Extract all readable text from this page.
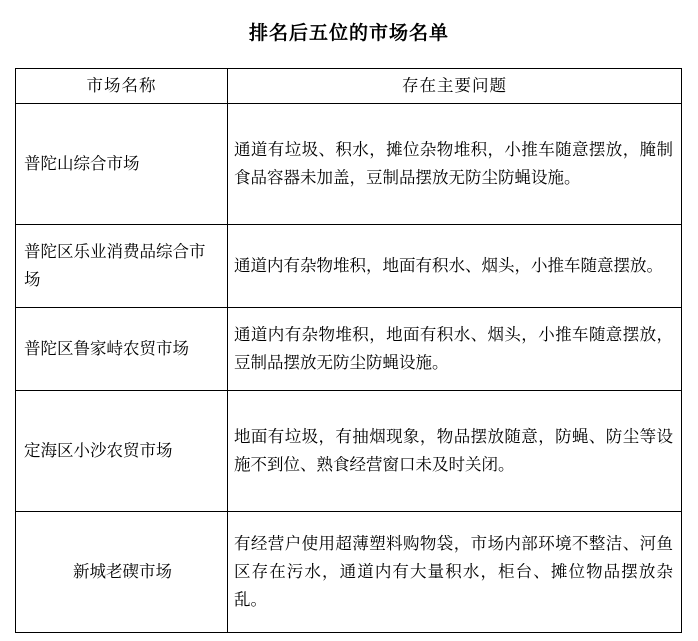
排名后五位的市场名单
市场名称	存在主要问题
普陀山综合市场	通道有垃圾、积水，摊位杂物堆积，小推车随意摆放，腌制食品容器未加盖，豆制品摆放无防尘防蝇设施。
普陀区乐业消费品综合市场	通道内有杂物堆积，地面有积水、烟头，小推车随意摆放。
普陀区鲁家峙农贸市场	通道内有杂物堆积，地面有积水、烟头，小推车随意摆放，豆制品摆放无防尘防蝇设施。
定海区小沙农贸市场	地面有垃圾，有抽烟现象，物品摆放随意，防蝇、防尘等设施不到位、熟食经营窗口未及时关闭。
新城老碶市场	有经营户使用超薄塑料购物袋，市场内部环境不整洁、河鱼区存在污水，通道内有大量积水，柜台、摊位物品摆放杂乱。
